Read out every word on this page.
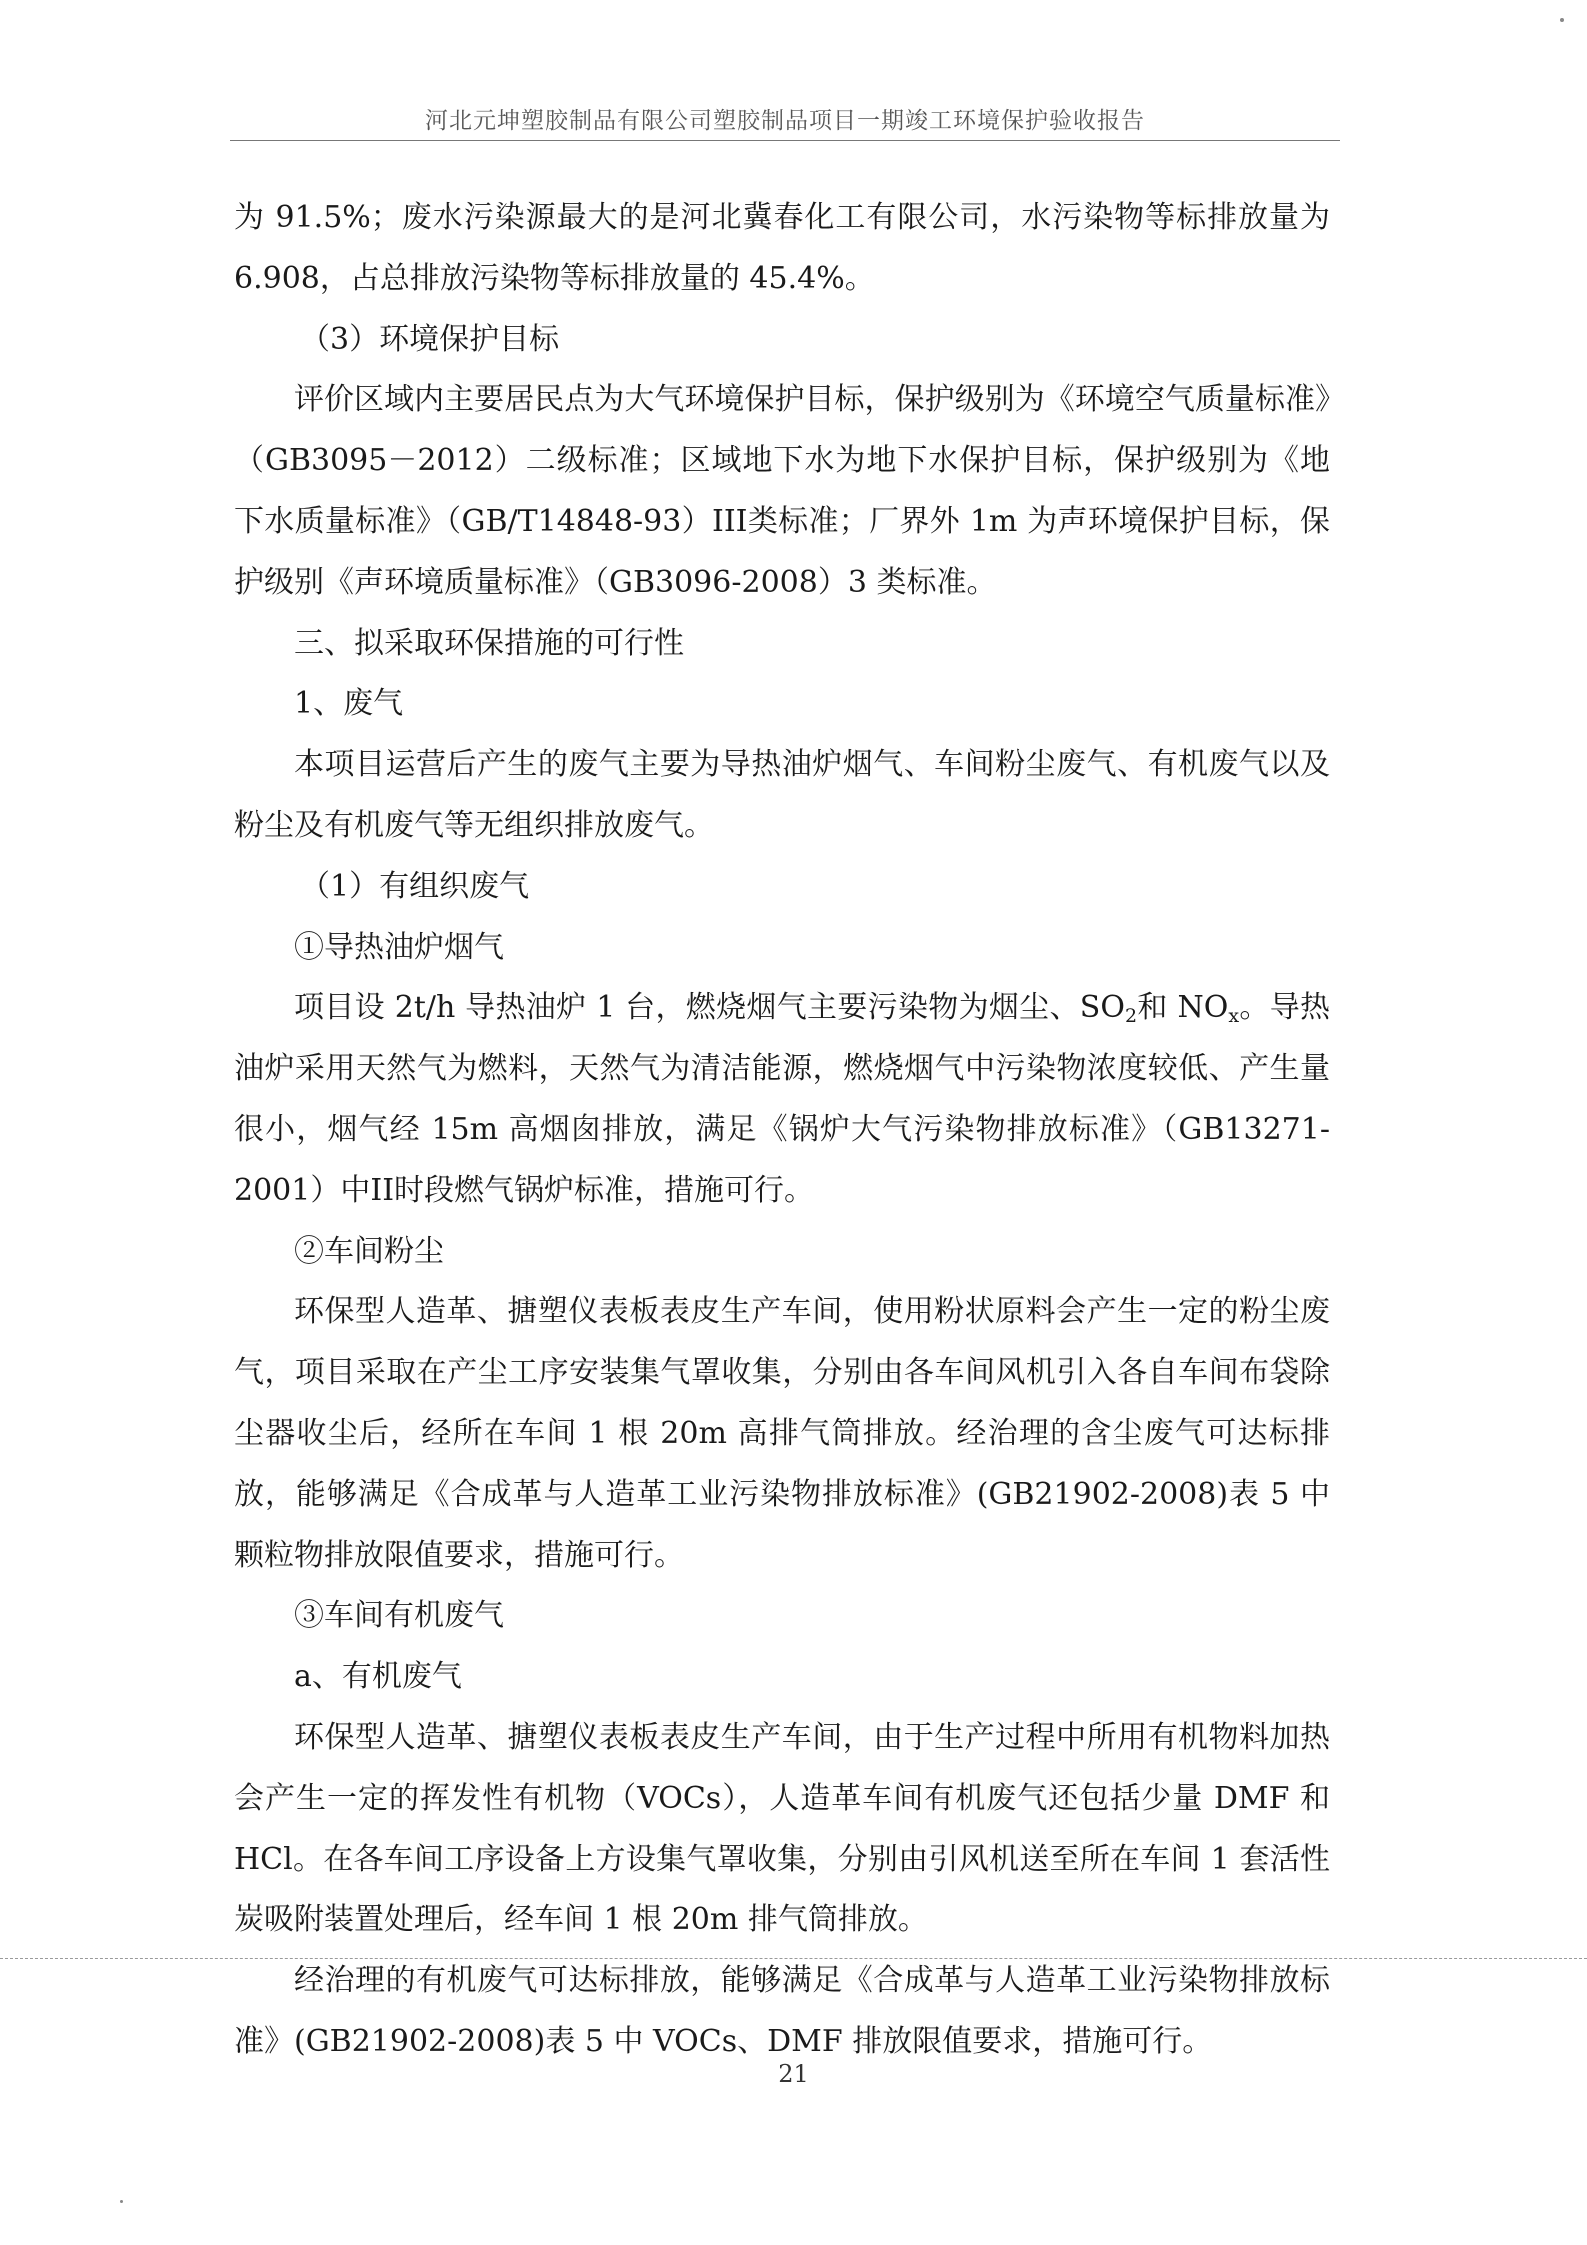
河北元坤塑胶制品有限公司塑胶制品项目一期竣工环境保护验收报告

为 91.5%；废水污染源最大的是河北冀春化工有限公司，水污染物等标排放量为 6.908，占总排放污染物等标排放量的 45.4%。

（3）环境保护目标

评价区域内主要居民点为大气环境保护目标，保护级别为《环境空气质量标准》（GB3095－2012）二级标准；区域地下水为地下水保护目标，保护级别为《地下水质量标准》（GB/T14848-93）III类标准；厂界外 1m 为声环境保护目标，保护级别《声环境质量标准》（GB3096-2008）3 类标准。

三、拟采取环保措施的可行性

1、废气

本项目运营后产生的废气主要为导热油炉烟气、车间粉尘废气、有机废气以及粉尘及有机废气等无组织排放废气。

（1）有组织废气

①导热油炉烟气

项目设 2t/h 导热油炉 1 台，燃烧烟气主要污染物为烟尘、$SO_2$和 $NO_x$。导热油炉采用天然气为燃料，天然气为清洁能源，燃烧烟气中污染物浓度较低、产生量很小，烟气经 15m 高烟囱排放，满足《锅炉大气污染物排放标准》（GB13271-2001）中II时段燃气锅炉标准，措施可行。

②车间粉尘

环保型人造革、搪塑仪表板表皮生产车间，使用粉状原料会产生一定的粉尘废气，项目采取在产尘工序安装集气罩收集，分别由各车间风机引入各自车间布袋除尘器收尘后，经所在车间 1 根 20m 高排气筒排放。经治理的含尘废气可达标排放，能够满足《合成革与人造革工业污染物排放标准》(GB21902-2008)表 5 中颗粒物排放限值要求，措施可行。

③车间有机废气

a、有机废气

环保型人造革、搪塑仪表板表皮生产车间，由于生产过程中所用有机物料加热会产生一定的挥发性有机物（VOCs），人造革车间有机废气还包括少量 DMF 和 HCl。在各车间工序设备上方设集气罩收集，分别由引风机送至所在车间 1 套活性炭吸附装置处理后，经车间 1 根 20m 排气筒排放。

经治理的有机废气可达标排放，能够满足《合成革与人造革工业污染物排放标准》(GB21902-2008)表 5 中 VOCs、DMF 排放限值要求，措施可行。

21
